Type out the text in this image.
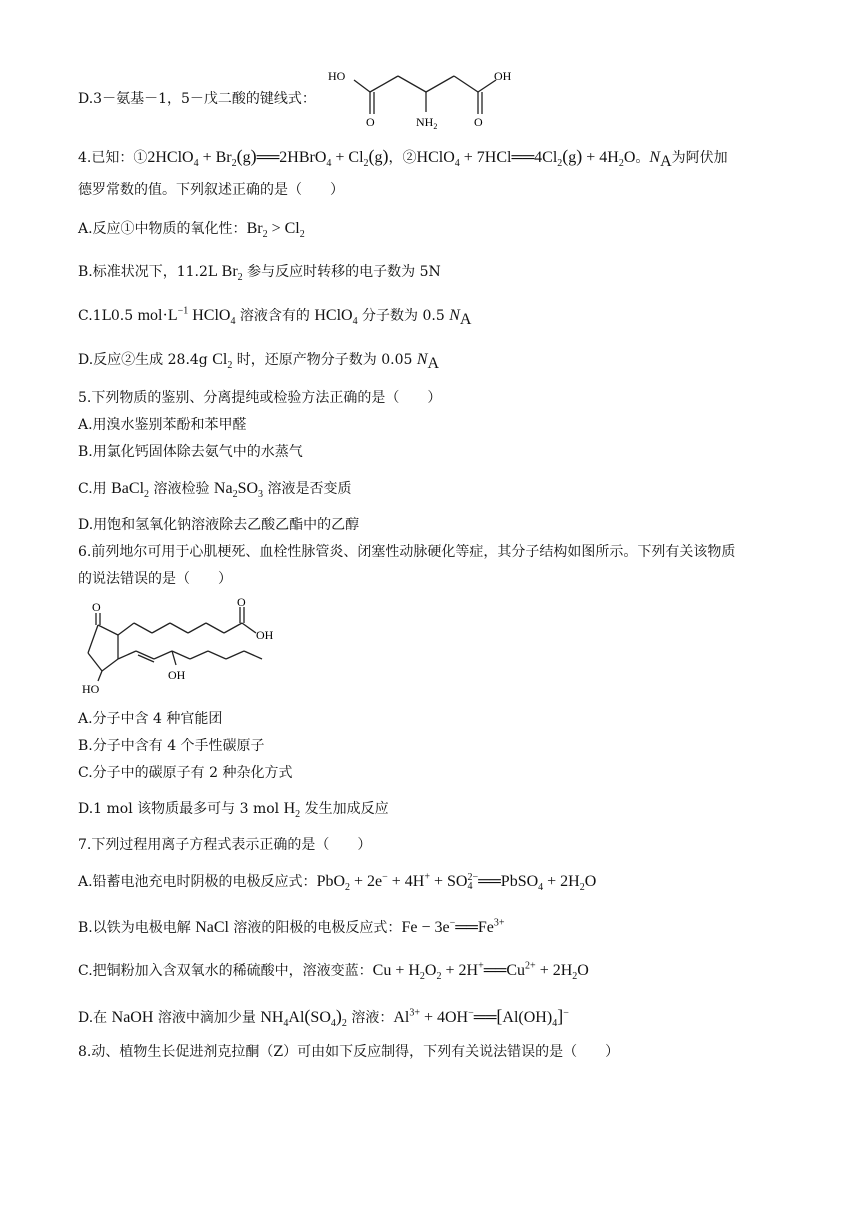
D.3－氨基－1，5－戊二酸的键线式：
HO	OH
O	O
$NH_2$
4.已知：①2HClO$_4$ + $Br_2(g)══2HBrO_4 + Cl_2(g)$，②HClO$_4$ + $7HCl══4Cl_2(g) + 4H_2O$。$N_A$为阿伏加
德罗常数的值。下列叙述正确的是（　　）
A.反应①中物质的氧化性：$Br_2 > Cl_2$
B.标准状况下，11.2L $Br_2$ 参与反应时转移的电子数为 5N
C.1L0.5 $mol\cdot L^{-1}$ HClO$_4$ 溶液含有的 HClO$_4$ 分子数为 0.5 $N_A$
D.反应②生成 28.4g $Cl_2$ 时，还原产物分子数为 0.05 $N_A$
5.下列物质的鉴别、分离提纯或检验方法正确的是（　　）
A.用溴水鉴别苯酚和苯甲醛
B.用氯化钙固体除去氨气中的水蒸气
C.用 BaCl$_2$ 溶液检验 $Na_2SO_3$ 溶液是否变质
D.用饱和氢氧化钠溶液除去乙酸乙酯中的乙醇
6.前列地尔可用于心肌梗死、血栓性脉管炎、闭塞性动脉硬化等症，其分子结构如图所示。下列有关该物质
的说法错误的是（　　）
O	O
OH
HO
OH
A.分子中含 4 种官能团
B.分子中含有 4 个手性碳原子
C.分子中的碳原子有 2 种杂化方式
D.1 mol 该物质最多可与 3 mol $H_2$ 发生加成反应
7.下列过程用离子方程式表示正确的是（　　）
A.铅蓄电池充电时阴极的电极反应式：PbO$_2$ + 2e− + 4H+ + SO 2−
4 ══PbSO$_4$ + $2H_2O$
B.以铁为电极电解 NaCl 溶液的阳极的电极反应式：$Fe - 3e^-══Fe^{3+}$
C.把铜粉加入含双氧水的稀硫酸中，溶液变蓝：$Cu + H_2O_2$ + $2H^+══Cu^{2+} + 2H_2O$
D.在 NaOH 溶液中滴加少量 $NH_4Al(SO_4)_2$ 溶液：$Al^{3+}$ + $4OH^-══[Al(OH)_4]^-$
8.动、植物生长促进剂克拉酮（Z）可由如下反应制得，下列有关说法错误的是（　　）
